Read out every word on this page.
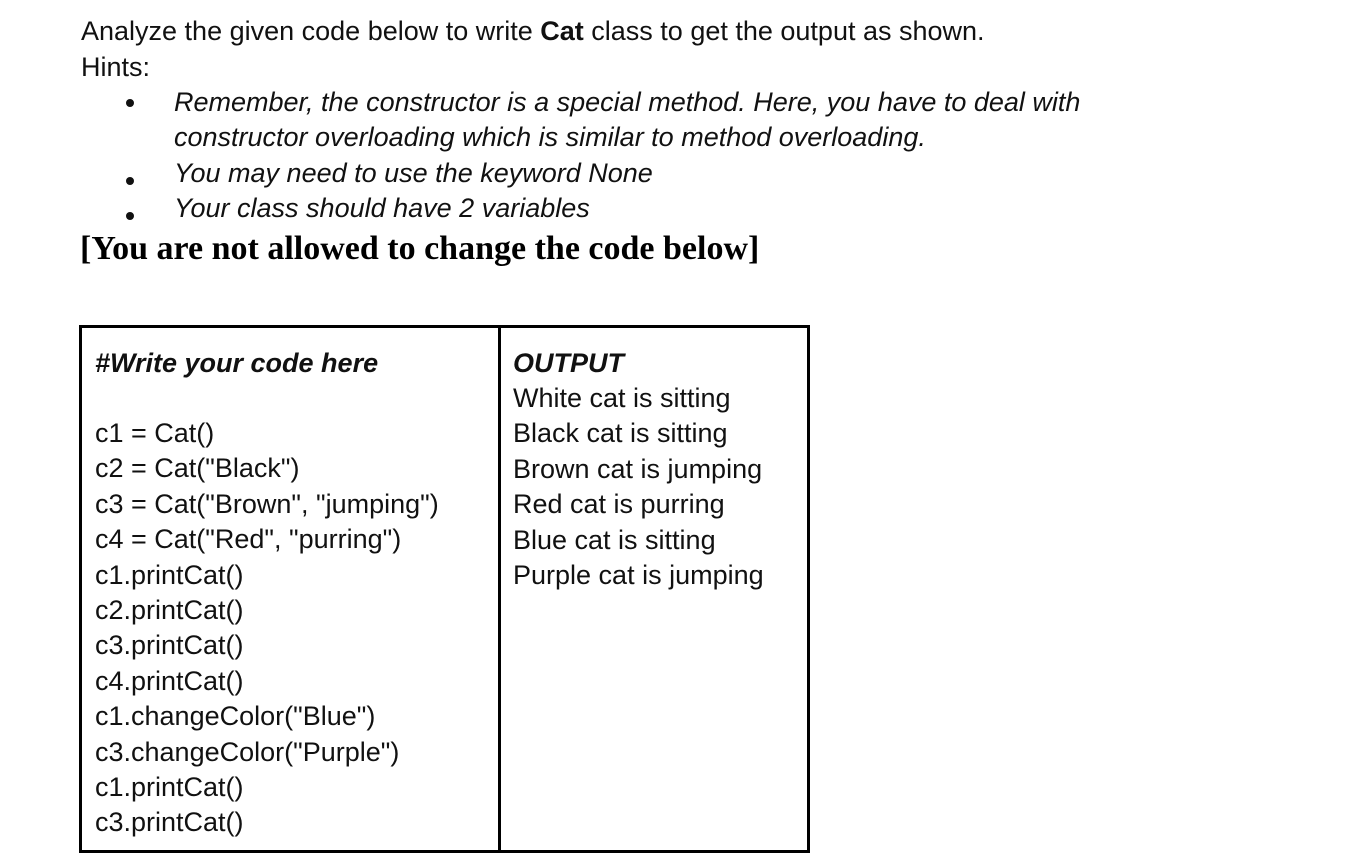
Analyze the given code below to write Cat class to get the output as shown.
Hints:
Remember, the constructor is a special method. Here, you have to deal with
constructor overloading which is similar to method overloading.
You may need to use the keyword None
Your class should have 2 variables
[You are not allowed to change the code below]
#Write your code here
c1 = Cat()
c2 = Cat("Black")
c3 = Cat("Brown", "jumping")
c4 = Cat("Red", "purring")
c1.printCat()
c2.printCat()
c3.printCat()
c4.printCat()
c1.changeColor("Blue")
c3.changeColor("Purple")
c1.printCat()
c3.printCat()
OUTPUT
White cat is sitting
Black cat is sitting
Brown cat is jumping
Red cat is purring
Blue cat is sitting
Purple cat is jumping
